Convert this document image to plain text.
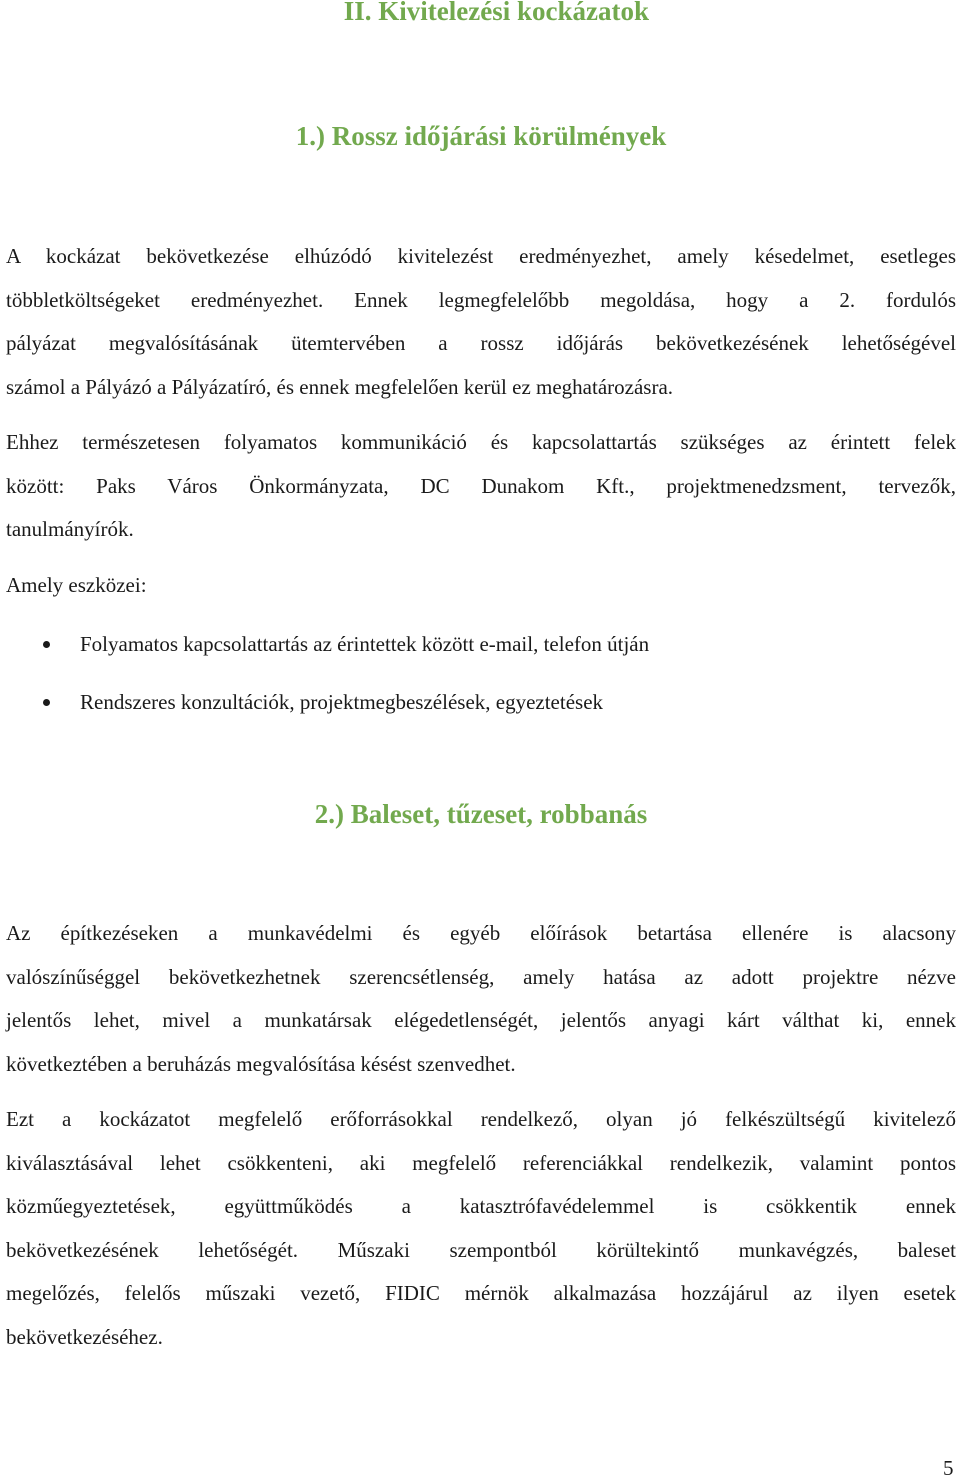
II. Kivitelezési kockázatok
1.) Rossz időjárási körülmények
A kockázat bekövetkezése elhúzódó kivitelezést eredményezhet, amely késedelmet, esetleges
többletköltségeket eredményezhet. Ennek legmegfelelőbb megoldása, hogy a 2. fordulós
pályázat megvalósításának ütemtervében a rossz időjárás bekövetkezésének lehetőségével
számol a Pályázó a Pályázatíró, és ennek megfelelően kerül ez meghatározásra.
Ehhez természetesen folyamatos kommunikáció és kapcsolattartás szükséges az érintett felek
között: Paks Város Önkormányzata, DC Dunakom Kft., projektmenedzsment, tervezők,
tanulmányírók.
Amely eszközei:
Folyamatos kapcsolattartás az érintettek között e-mail, telefon útján
Rendszeres konzultációk, projektmegbeszélések, egyeztetések
2.) Baleset, tűzeset, robbanás
Az építkezéseken a munkavédelmi és egyéb előírások betartása ellenére is alacsony
valószínűséggel bekövetkezhetnek szerencsétlenség, amely hatása az adott projektre nézve
jelentős lehet, mivel a munkatársak elégedetlenségét, jelentős anyagi kárt válthat ki, ennek
következtében a beruházás megvalósítása késést szenvedhet.
Ezt a kockázatot megfelelő erőforrásokkal rendelkező, olyan jó felkészültségű kivitelező
kiválasztásával lehet csökkenteni, aki megfelelő referenciákkal rendelkezik, valamint pontos
közműegyeztetések, együttműködés a katasztrófavédelemmel is csökkentik ennek
bekövetkezésének lehetőségét. Műszaki szempontból körültekintő munkavégzés, baleset
megelőzés, felelős műszaki vezető, FIDIC mérnök alkalmazása hozzájárul az ilyen esetek
bekövetkezéséhez.
5
